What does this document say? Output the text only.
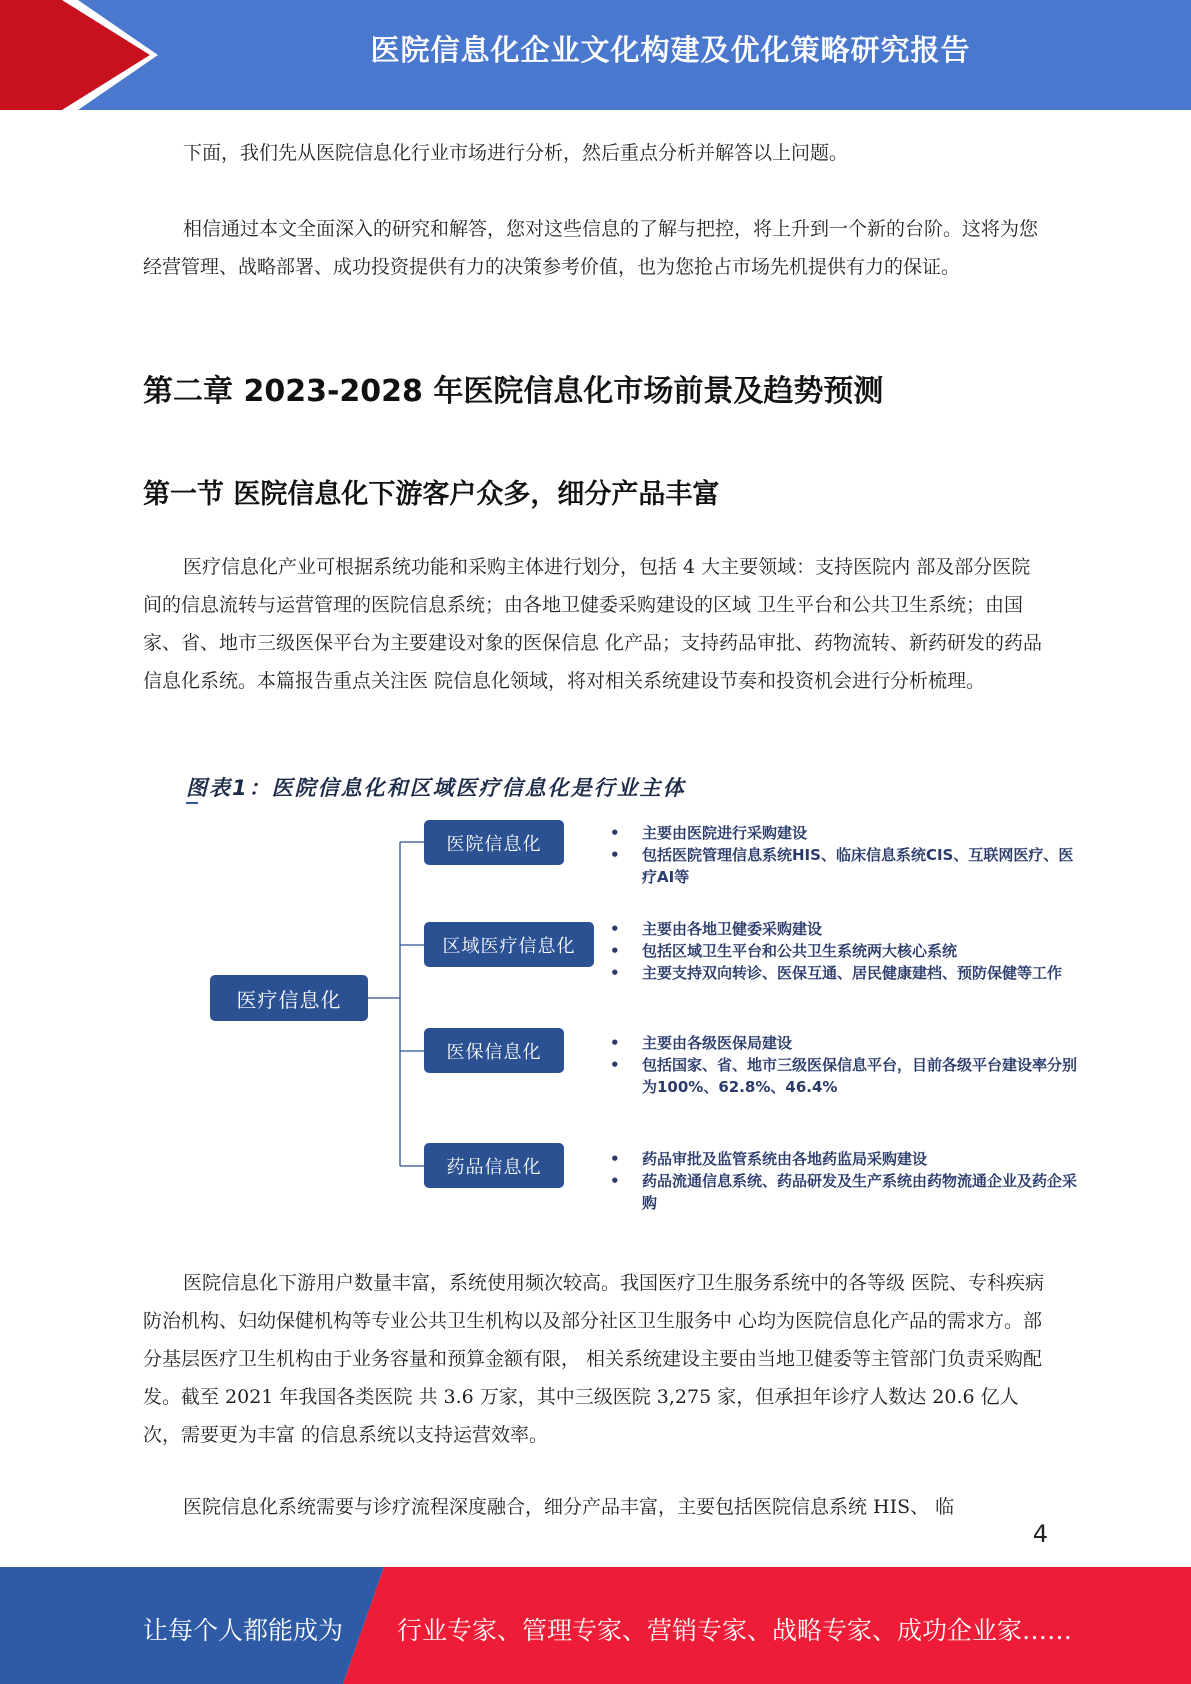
医院信息化企业文化构建及优化策略研究报告

下面，我们先从医院信息化行业市场进行分析，然后重点分析并解答以上问题。

相信通过本文全面深入的研究和解答，您对这些信息的了解与把控，将上升到一个新的台阶。这将为您经营管理、战略部署、成功投资提供有力的决策参考价值，也为您抢占市场先机提供有力的保证。

第二章 2023-2028 年医院信息化市场前景及趋势预测
第一节 医院信息化下游客户众多，细分产品丰富

医疗信息化产业可根据系统功能和采购主体进行划分，包括 4 大主要领域：支持医院内 部及部分医院间的信息流转与运营管理的医院信息系统；由各地卫健委采购建设的区域 卫生平台和公共卫生系统；由国家、省、地市三级医保平台为主要建设对象的医保信息 化产品；支持药品审批、药物流转、新药研发的药品信息化系统。本篇报告重点关注医 院信息化领域，将对相关系统建设节奏和投资机会进行分析梳理。

图表1：医院信息化和区域医疗信息化是行业主体
医疗信息化
医院信息化
区域医疗信息化
医保信息化
药品信息化
• 主要由医院进行采购建设
• 包括医院管理信息系统HIS、临床信息系统CIS、互联网医疗、医疗AI等
• 主要由各地卫健委采购建设
• 包括区域卫生平台和公共卫生系统两大核心系统
• 主要支持双向转诊、医保互通、居民健康建档、预防保健等工作
• 主要由各级医保局建设
• 包括国家、省、地市三级医保信息平台，目前各级平台建设率分别为100%、62.8%、46.4%
• 药品审批及监管系统由各地药监局采购建设
• 药品流通信息系统、药品研发及生产系统由药物流通企业及药企采购

医院信息化下游用户数量丰富，系统使用频次较高。我国医疗卫生服务系统中的各等级 医院、专科疾病防治机构、妇幼保健机构等专业公共卫生机构以及部分社区卫生服务中 心均为医院信息化产品的需求方。部分基层医疗卫生机构由于业务容量和预算金额有限， 相关系统建设主要由当地卫健委等主管部门负责采购配发。截至 2021 年我国各类医院 共 3.6 万家，其中三级医院 3,275 家，但承担年诊疗人数达 20.6 亿人次，需要更为丰富 的信息系统以支持运营效率。

医院信息化系统需要与诊疗流程深度融合，细分产品丰富，主要包括医院信息系统 HIS、 临

4
让每个人都能成为 行业专家、管理专家、营销专家、战略专家、成功企业家……
